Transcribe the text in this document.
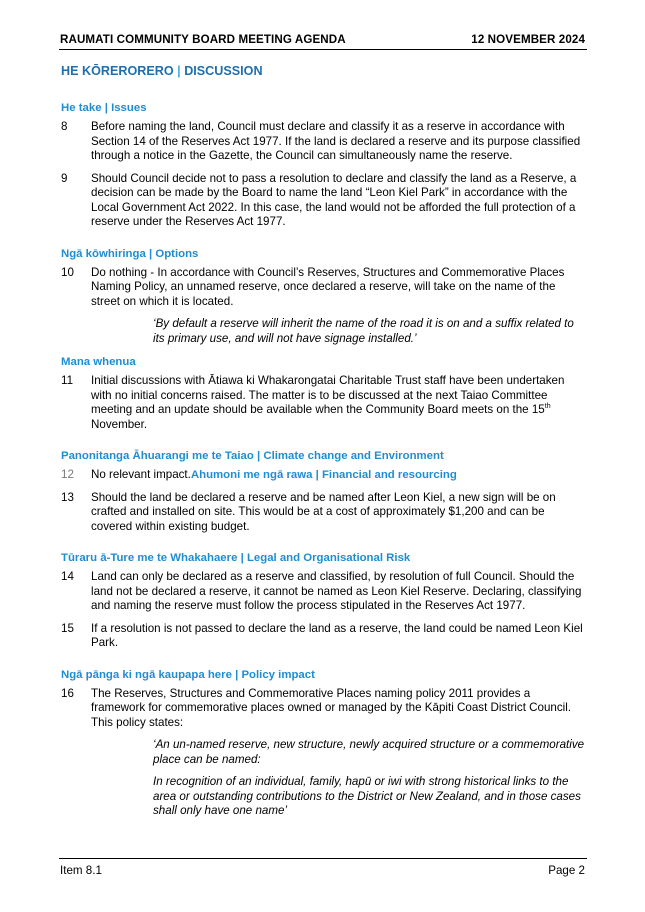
RAUMATI COMMUNITY BOARD MEETING AGENDA	12 NOVEMBER 2024
HE KŌRERORERO | DISCUSSION
He take | Issues
8 Before naming the land, Council must declare and classify it as a reserve in accordance with Section 14 of the Reserves Act 1977. If the land is declared a reserve and its purpose classified through a notice in the Gazette, the Council can simultaneously name the reserve.
9 Should Council decide not to pass a resolution to declare and classify the land as a Reserve, a decision can be made by the Board to name the land “Leon Kiel Park” in accordance with the Local Government Act 2022. In this case, the land would not be afforded the full protection of a reserve under the Reserves Act 1977.
Ngā kōwhiringa | Options
10 Do nothing - In accordance with Council’s Reserves, Structures and Commemorative Places Naming Policy, an unnamed reserve, once declared a reserve, will take on the name of the street on which it is located.
‘By default a reserve will inherit the name of the road it is on and a suffix related to its primary use, and will not have signage installed.’
Mana whenua
11 Initial discussions with Ātiawa ki Whakarongatai Charitable Trust staff have been undertaken with no initial concerns raised. The matter is to be discussed at the next Taiao Committee meeting and an update should be available when the Community Board meets on the 15th November.
Panonitanga Āhuarangi me te Taiao | Climate change and Environment
12 No relevant impact.Ahumoni me ngā rawa | Financial and resourcing
13 Should the land be declared a reserve and be named after Leon Kiel, a new sign will be on crafted and installed on site. This would be at a cost of approximately $1,200 and can be covered within existing budget.
Tūraru ā-Ture me te Whakahaere | Legal and Organisational Risk
14 Land can only be declared as a reserve and classified, by resolution of full Council. Should the land not be declared a reserve, it cannot be named as Leon Kiel Reserve. Declaring, classifying and naming the reserve must follow the process stipulated in the Reserves Act 1977.
15 If a resolution is not passed to declare the land as a reserve, the land could be named Leon Kiel Park.
Ngā pānga ki ngā kaupapa here | Policy impact
16 The Reserves, Structures and Commemorative Places naming policy 2011 provides a framework for commemorative places owned or managed by the Kāpiti Coast District Council. This policy states:
‘An un-named reserve, new structure, newly acquired structure or a commemorative place can be named:
In recognition of an individual, family, hapū or iwi with strong historical links to the area or outstanding contributions to the District or New Zealand, and in those cases shall only have one name’
Item 8.1	Page 2
